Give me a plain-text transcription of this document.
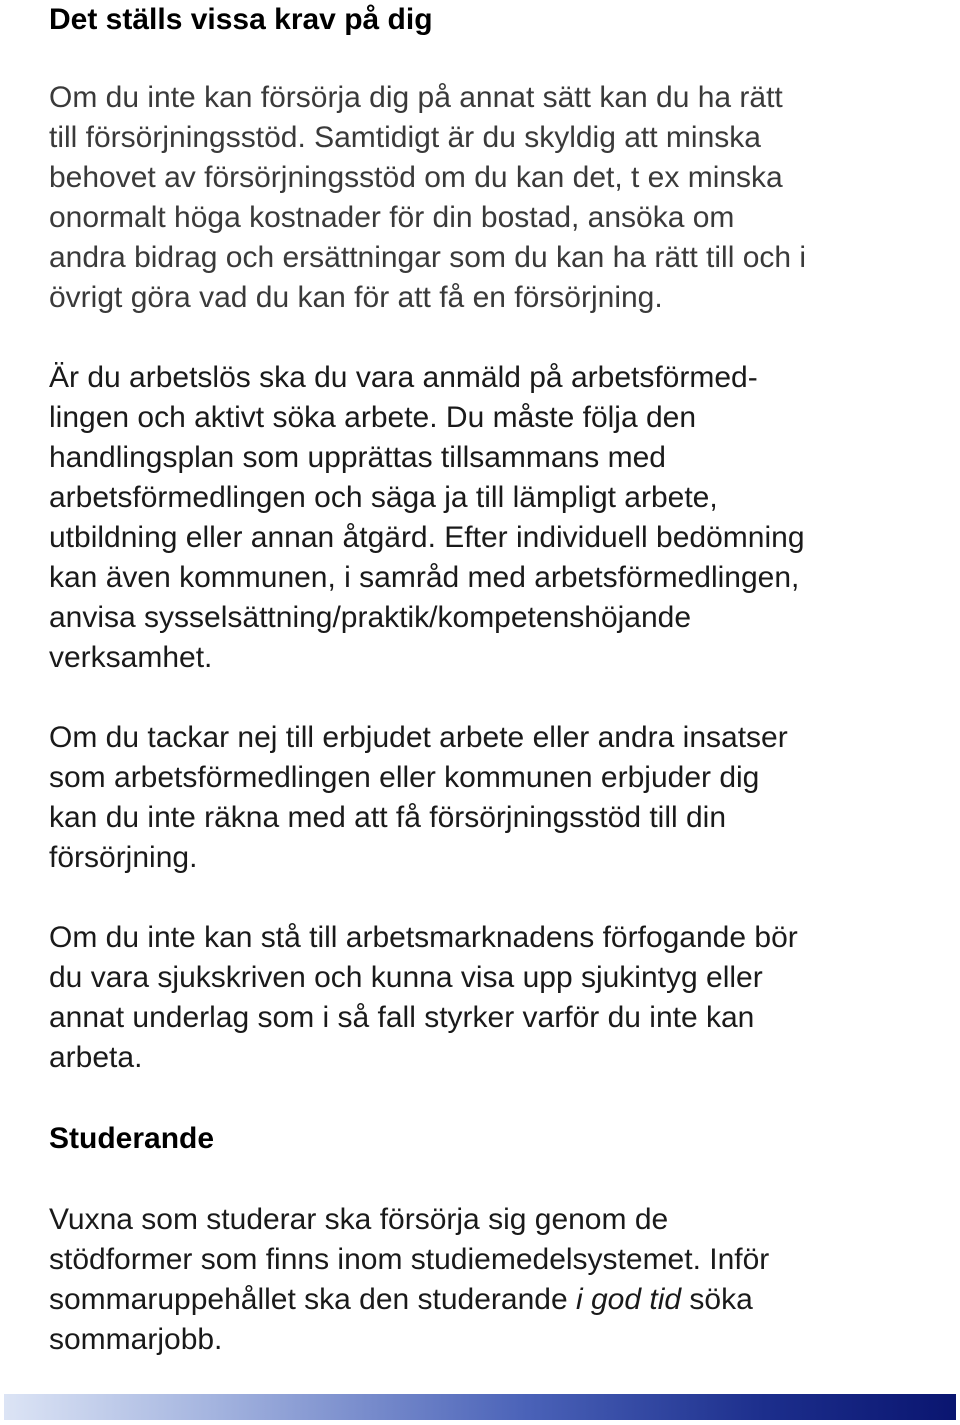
Det ställs vissa krav på dig
Om du inte kan försörja dig på annat sätt kan du ha rätt
till försörjningsstöd. Samtidigt är du skyldig att minska
behovet av försörjningsstöd om du kan det, t ex minska
onormalt höga kostnader för din bostad, ansöka om
andra bidrag och ersättningar som du kan ha rätt till och i
övrigt göra vad du kan för att få en försörjning.
Är du arbetslös ska du vara anmäld på arbetsförmed-
lingen och aktivt söka arbete. Du måste följa den
handlingsplan som upprättas tillsammans med
arbetsförmedlingen och säga ja till lämpligt arbete,
utbildning eller annan åtgärd. Efter individuell bedömning
kan även kommunen, i samråd med arbetsförmedlingen,
anvisa sysselsättning/praktik/kompetenshöjande
verksamhet.
Om du tackar nej till erbjudet arbete eller andra insatser
som arbetsförmedlingen eller kommunen erbjuder dig
kan du inte räkna med att få försörjningsstöd till din
försörjning.
Om du inte kan stå till arbetsmarknadens förfogande bör
du vara sjukskriven och kunna visa upp sjukintyg eller
annat underlag som i så fall styrker varför du inte kan
arbeta.
Studerande
Vuxna som studerar ska försörja sig genom de
stödformer som finns inom studiemedelsystemet. Inför
sommaruppehållet ska den studerande i god tid söka
sommarjobb.
